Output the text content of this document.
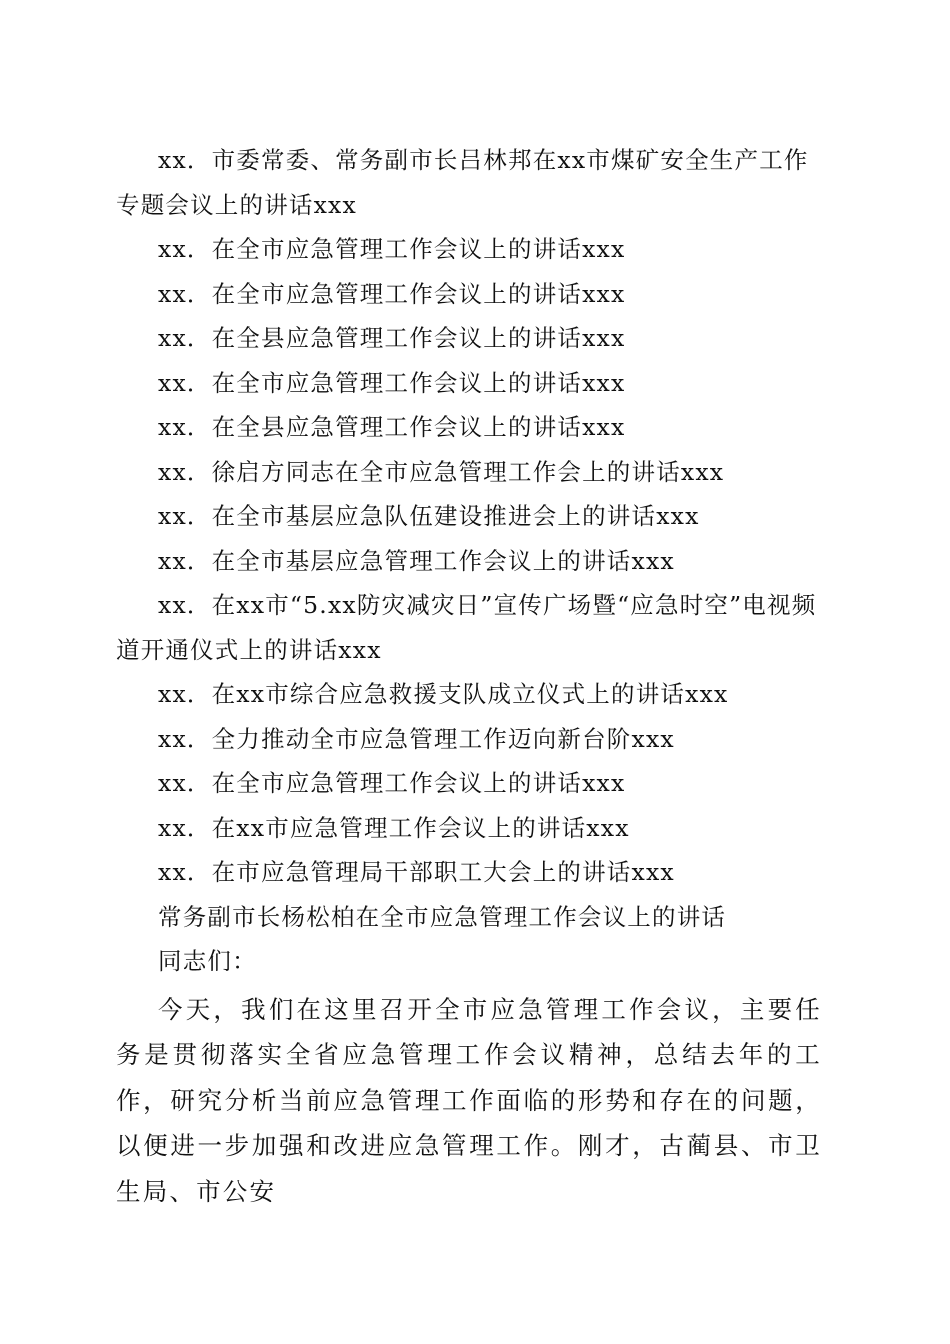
xx．市委常委、常务副市长吕林邦在xx市煤矿安全生产工作专题会议上的讲话xxx
xx．在全市应急管理工作会议上的讲话xxx
xx．在全市应急管理工作会议上的讲话xxx
xx．在全县应急管理工作会议上的讲话xxx
xx．在全市应急管理工作会议上的讲话xxx
xx．在全县应急管理工作会议上的讲话xxx
xx．徐启方同志在全市应急管理工作会上的讲话xxx
xx．在全市基层应急队伍建设推进会上的讲话xxx
xx．在全市基层应急管理工作会议上的讲话xxx
xx．在xx市“5.xx防灾减灾日”宣传广场暨“应急时空”电视频道开通仪式上的讲话xxx
xx．在xx市综合应急救援支队成立仪式上的讲话xxx
xx．全力推动全市应急管理工作迈向新台阶xxx
xx．在全市应急管理工作会议上的讲话xxx
xx．在xx市应急管理工作会议上的讲话xxx
xx．在市应急管理局干部职工大会上的讲话xxx
常务副市长杨松柏在全市应急管理工作会议上的讲话
同志们：
今天，我们在这里召开全市应急管理工作会议，主要任务是贯彻落实全省应急管理工作会议精神，总结去年的工作，研究分析当前应急管理工作面临的形势和存在的问题，以便进一步加强和改进应急管理工作。刚才，古蔺县、市卫生局、市公安
